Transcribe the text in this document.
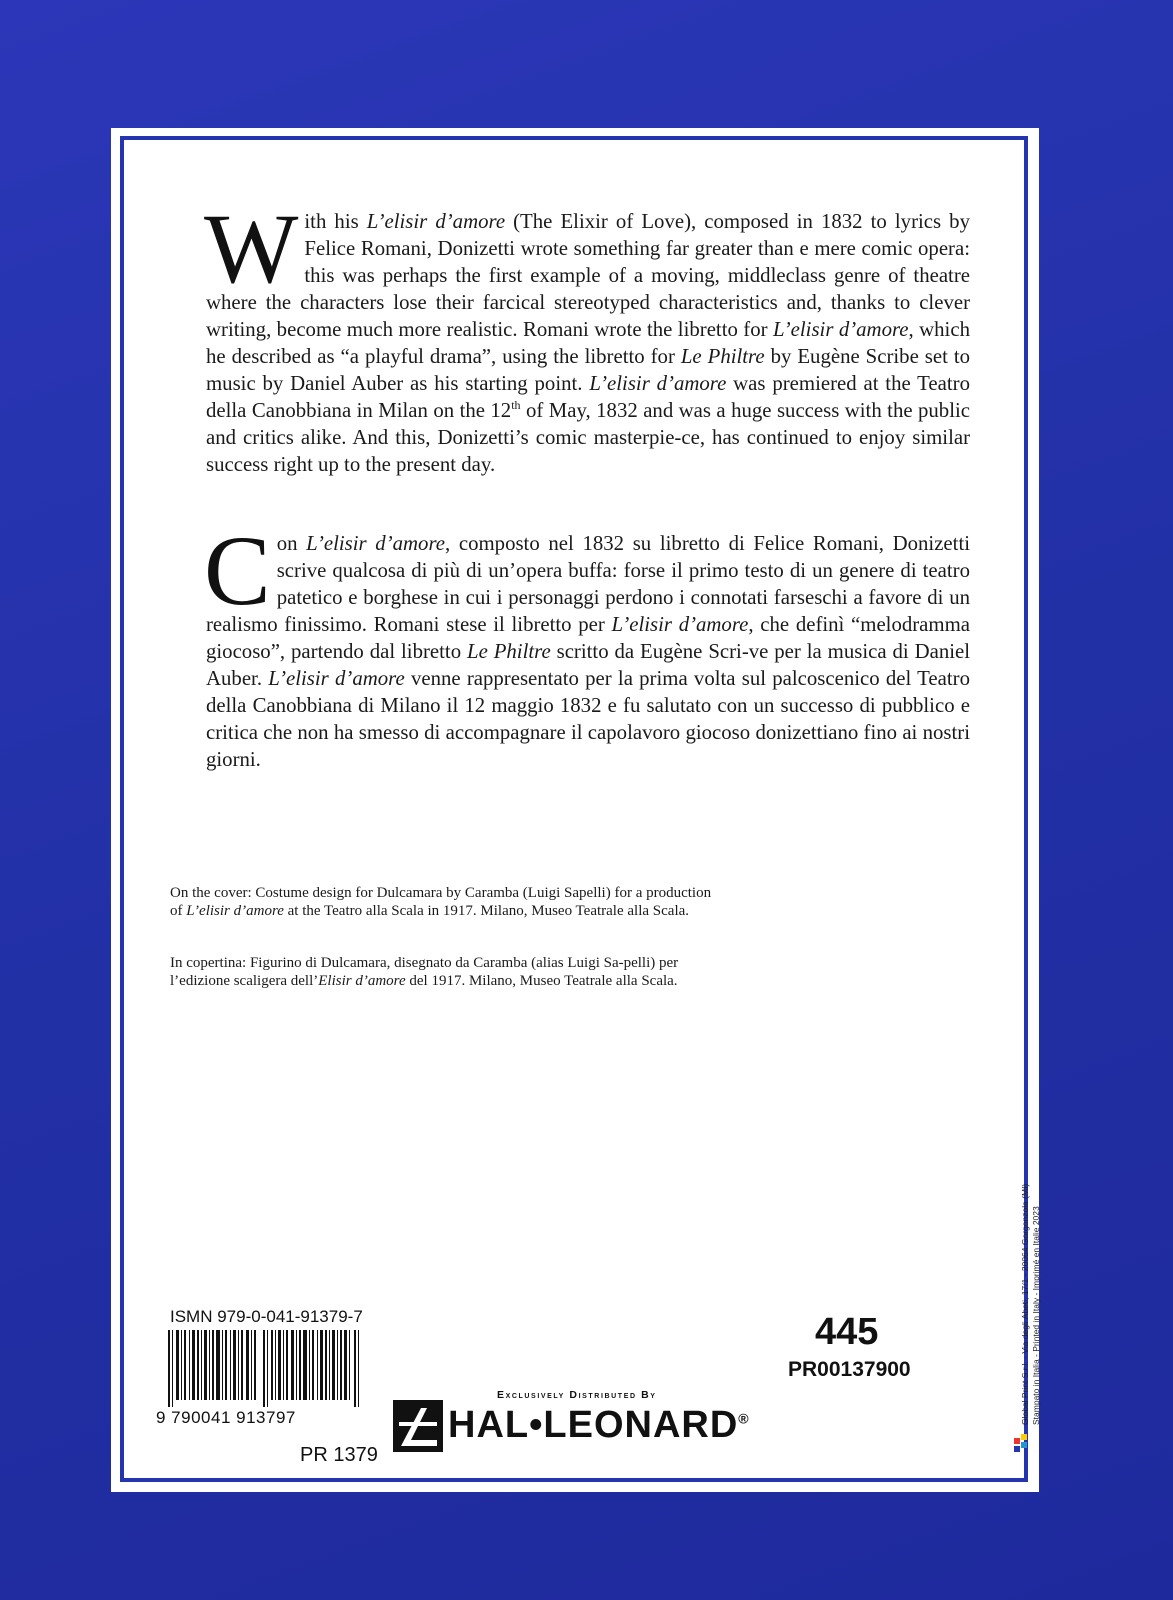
With his L’elisir d’amore (The Elixir of Love), composed in 1832 to lyrics by Felice Romani, Donizetti wrote something far greater than e mere comic opera: this was perhaps the first example of a moving, middleclass genre of theatre where the characters lose their farcical stereotyped characteristics and, thanks to clever writing, become much more realistic. Romani wrote the libretto for L’elisir d’amore, which he described as “a playful drama”, using the libretto for Le Philtre by Eugène Scribe set to music by Daniel Auber as his starting point. L’elisir d’amore was premiered at the Teatro della Canobbiana in Milan on the 12th of May, 1832 and was a huge success with the public and critics alike. And this, Donizetti’s comic masterpie-ce, has continued to enjoy similar success right up to the present day.

Con L’elisir d’amore, composto nel 1832 su libretto di Felice Romani, Donizetti scrive qualcosa di più di un’opera buffa: forse il primo testo di un genere di teatro patetico e borghese in cui i personaggi perdono i connotati farseschi a favore di un realismo finissimo. Romani stese il libretto per L’elisir d’amore, che definì “melodramma giocoso”, partendo dal libretto Le Philtre scritto da Eugène Scri-ve per la musica di Daniel Auber. L’elisir d’amore venne rappresentato per la prima volta sul palcoscenico del Teatro della Canobbiana di Milano il 12 maggio 1832 e fu salutato con un successo di pubblico e critica che non ha smesso di accompagnare il capolavoro giocoso donizettiano fino ai nostri giorni.

On the cover: Costume design for Dulcamara by Caramba (Luigi Sapelli) for a production of L’elisir d’amore at the Teatro alla Scala in 1917. Milano, Museo Teatrale alla Scala.

In copertina: Figurino di Dulcamara, disegnato da Caramba (alias Luigi Sa-pelli) per l’edizione scaligera dell’Elisir d’amore del 1917. Milano, Museo Teatrale alla Scala.

ISMN 979-0-041-91379-7
9 790041 913797
PR 1379
Exclusively Distributed By
HAL•LEONARD®
445
PR00137900	Global Print S.r.l. - Via degli Abeti, 17/1 - 20064 Gorgonzola (MI) Stampato in Italia - Printed in Italy - Imprimé en Italie 2023
